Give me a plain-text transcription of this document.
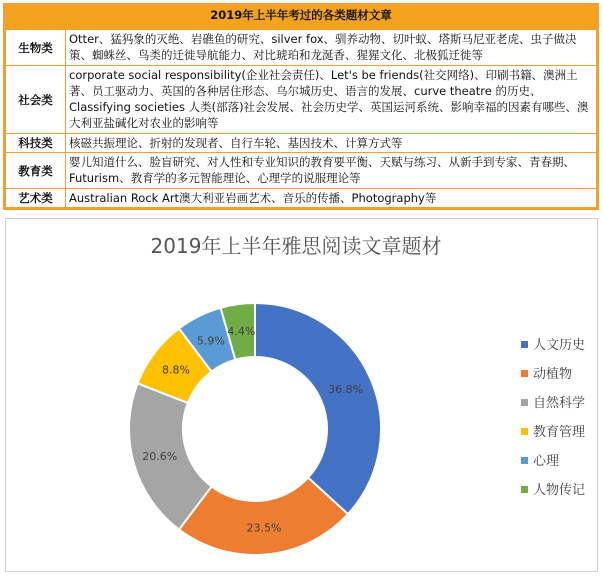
2019年上半年考过的各类题材文章	
生物类	Otter、猛犸象的灭绝、岩礁鱼的研究、silver fox、驯养动物、切叶蚁、塔斯马尼亚老虎、虫子做决策、蜘蛛丝、鸟类的迁徙导航能力、对比琥珀和龙涎香、猩猩文化、北极狐迁徙等
社会类	corporate social responsibility(企业社会责任)、Let's be friends(社交网络)、印刷书籍、澳洲土著、员工驱动力、英国的各种居住形态、乌尔城历史、语言的发展、curve theatre 的历史、Classifying societies 人类(部落)社会发展、社会历史学、英国运河系统、影响幸福的因素有哪些、澳大利亚盐碱化对农业的影响等
科技类	核磁共振理论、折射的发现者、自行车轮、基因技术、计算方式等
教育类	婴儿知道什么、脸盲研究、对人性和专业知识的教育要平衡、天赋与练习、从新手到专家、青春期、Futurism、教育学的多元智能理论、心理学的说服理论等
艺术类	Australian Rock Art澳大利亚岩画艺术、音乐的传播、Photography等
2019年上半年雅思阅读文章题材
36.8%
23.5%
20.6%
8.8%
5.9%
4.4%
人文历史
动植物
自然科学
教育管理
心理
人物传记
